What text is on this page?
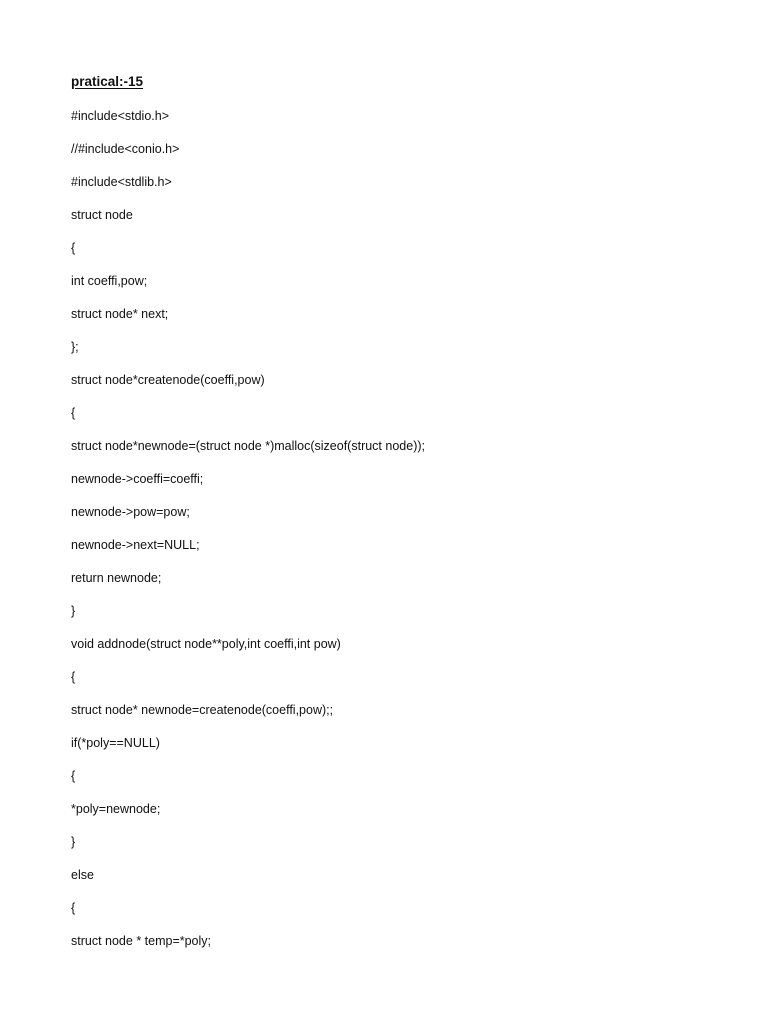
pratical:-15
#include<stdio.h>
//#include<conio.h>
#include<stdlib.h>
struct node
{
int coeffi,pow;
struct node* next;
};
struct node*createnode(coeffi,pow)
{
struct node*newnode=(struct node *)malloc(sizeof(struct node));
newnode->coeffi=coeffi;
newnode->pow=pow;
newnode->next=NULL;
return newnode;
}
void addnode(struct node**poly,int coeffi,int pow)
{
struct node* newnode=createnode(coeffi,pow);;
if(*poly==NULL)
{
*poly=newnode;
}
else
{
struct node * temp=*poly;
